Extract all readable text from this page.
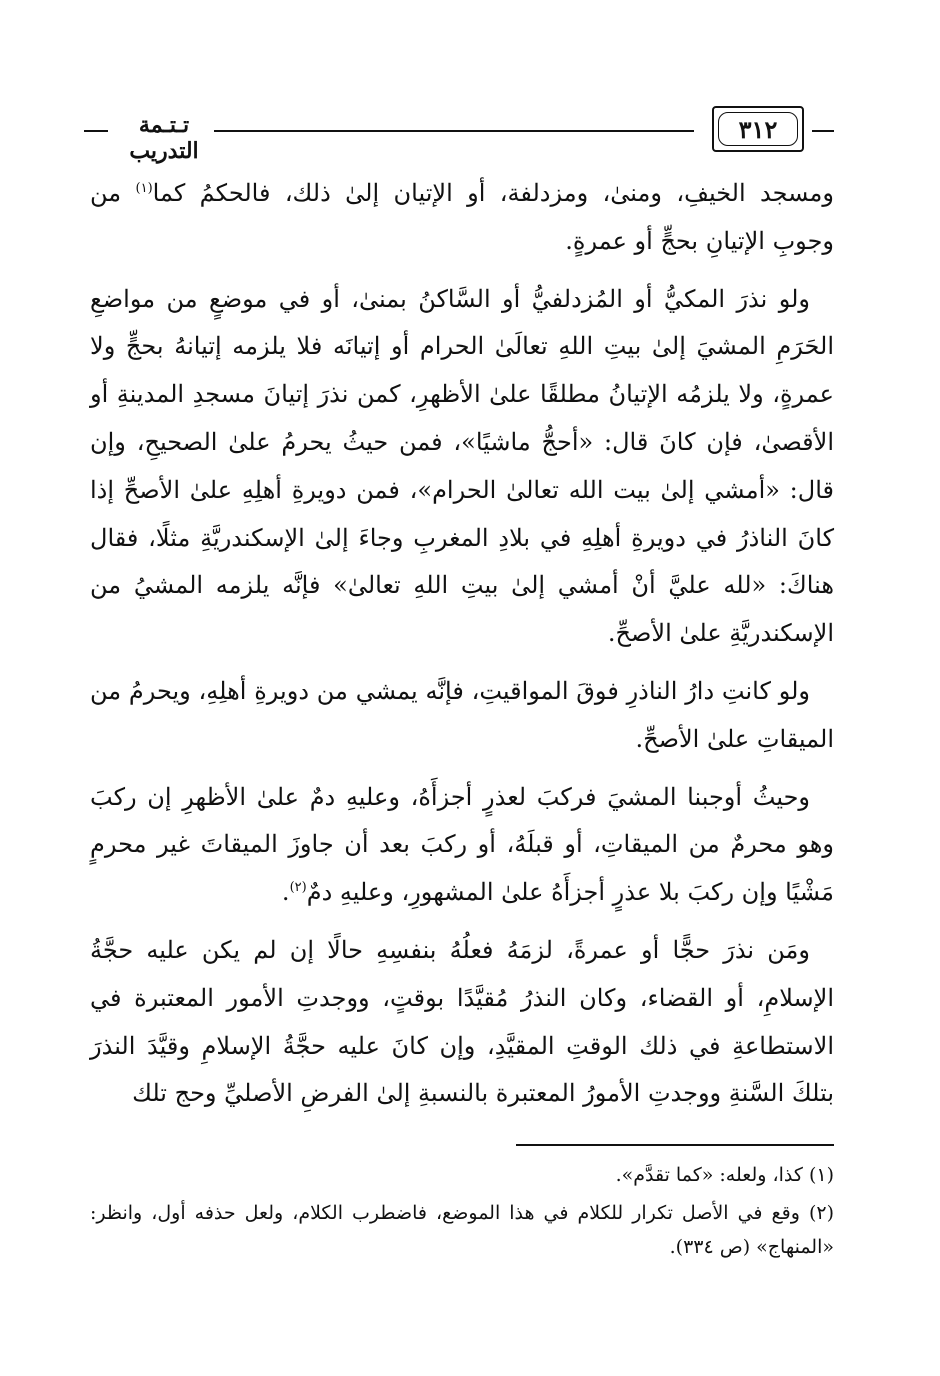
تـتـمة التدريب
٣١٢

ومسجد الخيفِ، ومنىٰ، ومزدلفة، أو الإتيان إلىٰ ذلك، فالحكمُ كما$^{(١)}$ من وجوبِ الإتيانِ بحجٍّ أو عمرةٍ.

ولو نذرَ المكيُّ أو المُزدلفيُّ أو السَّاكنُ بمنىٰ، أو في موضعٍ من مواضعِ الحَرَمِ المشيَ إلىٰ بيتِ اللهِ تعالَىٰ الحرام أو إتيانَه فلا يلزمه إتيانهُ بحجٍّ ولا عمرةٍ، ولا يلزمُه الإتيانُ مطلقًا علىٰ الأظهرِ، كمن نذرَ إتيانَ مسجدِ المدينةِ أو الأقصىٰ، فإن كانَ قال: «أحجُّ ماشيًا»، فمن حيثُ يحرمُ علىٰ الصحيحِ، وإن قال: «أمشي إلىٰ بيت الله تعالىٰ الحرام»، فمن دويرةِ أهلِهِ علىٰ الأصحِّ إذا كانَ الناذرُ في دويرةِ أهلِهِ في بلادِ المغربِ وجاءَ إلىٰ الإسكندريَّةِ مثلًا، فقال هناكَ: «لله عليَّ أنْ أمشي إلىٰ بيتِ اللهِ تعالىٰ» فإنَّه يلزمه المشيُ من الإسكندريَّةِ علىٰ الأصحِّ.

ولو كانتِ دارُ الناذرِ فوقَ المواقيتِ، فإنَّه يمشي من دويرةِ أهلِهِ، ويحرمُ من الميقاتِ علىٰ الأصحِّ.

وحيثُ أوجبنا المشيَ فركبَ لعذرٍ أجزأَهُ، وعليهِ دمٌ علىٰ الأظهرِ إن ركبَ وهو محرمٌ من الميقاتِ، أو قبلَهُ، أو ركبَ بعد أن جاوزَ الميقاتَ غير محرمٍ مَشْيًا وإن ركبَ بلا عذرٍ أجزأَهُ علىٰ المشهورِ، وعليهِ دمٌ$^{(٢)}$.

ومَن نذرَ حجًّا أو عمرةً، لزمَهُ فعلُهُ بنفسِهِ حالًا إن لم يكن عليه حجَّةُ الإسلامِ، أو القضاء، وكان النذرُ مُقيَّدًا بوقتٍ، ووجدتِ الأمور المعتبرة في الاستطاعةِ في ذلك الوقتِ المقيَّدِ، وإن كانَ عليه حجَّةُ الإسلامِ وقيَّدَ النذرَ بتلكَ السَّنةِ ووجدتِ الأمورُ المعتبرة بالنسبةِ إلىٰ الفرضِ الأصليِّ وحج تلك

(١) كذا، ولعله: «كما تقدَّم».

(٢) وقع في الأصل تكرار للكلام في هذا الموضع، فاضطرب الكلام، ولعل حذفه أول، وانظر: «المنهاج» (ص ٣٣٤).
